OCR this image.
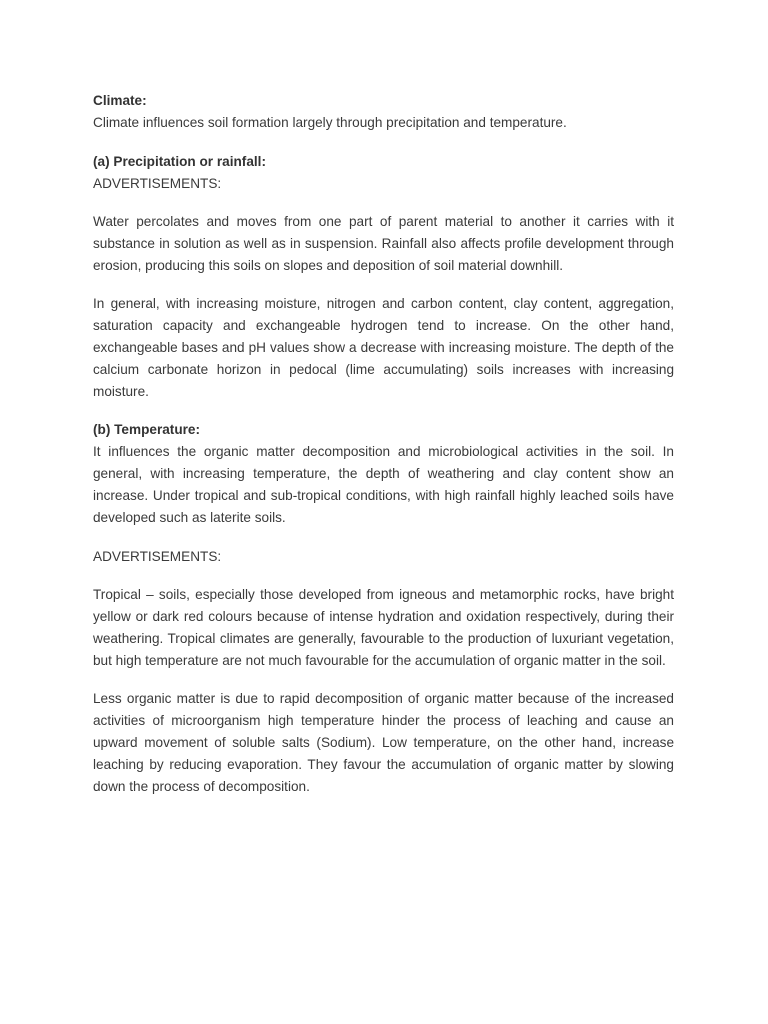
Climate:

Climate influences soil formation largely through precipitation and temperature.

(a) Precipitation or rainfall:

ADVERTISEMENTS:

Water percolates and moves from one part of parent material to another it carries with it substance in solution as well as in suspension. Rainfall also affects profile development through erosion, producing this soils on slopes and deposition of soil material downhill.

In general, with increasing moisture, nitrogen and carbon content, clay content, aggregation, saturation capacity and exchangeable hydrogen tend to increase. On the other hand, exchangeable bases and pH values show a decrease with increasing moisture. The depth of the calcium carbonate horizon in pedocal (lime accumulating) soils increases with increasing moisture.

(b) Temperature:

It influences the organic matter decomposition and microbiological activities in the soil. In general, with increasing temperature, the depth of weathering and clay content show an increase. Under tropical and sub-tropical conditions, with high rainfall highly leached soils have developed such as laterite soils.

ADVERTISEMENTS:

Tropical – soils, especially those developed from igneous and metamorphic rocks, have bright yellow or dark red colours because of intense hydration and oxidation respectively, during their weathering. Tropical climates are generally, favourable to the production of luxuriant vegetation, but high temperature are not much favourable for the accumulation of organic matter in the soil.

Less organic matter is due to rapid decomposition of organic matter because of the increased activities of microorganism high temperature hinder the process of leaching and cause an upward movement of soluble salts (Sodium). Low temperature, on the other hand, increase leaching by reducing evaporation. They favour the accumulation of organic matter by slowing down the process of decomposition.
